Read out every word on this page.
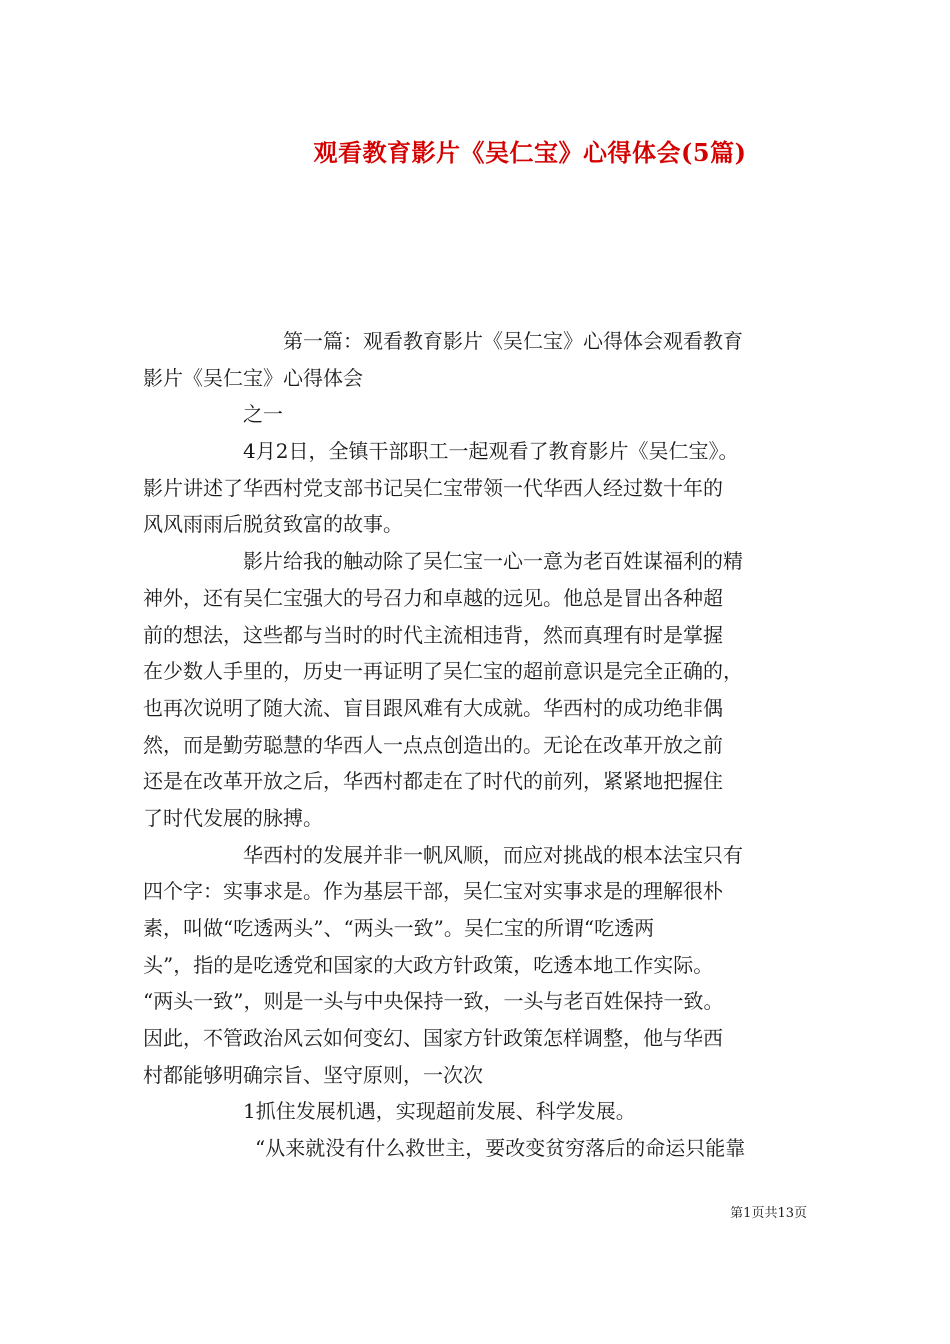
观看教育影片《吴仁宝》心得体会(5篇)
第一篇：观看教育影片《吴仁宝》心得体会观看教育
影片《吴仁宝》心得体会
之一
4月2日，全镇干部职工一起观看了教育影片《吴仁宝》。
影片讲述了华西村党支部书记吴仁宝带领一代华西人经过数十年的
风风雨雨后脱贫致富的故事。
影片给我的触动除了吴仁宝一心一意为老百姓谋福利的精
神外，还有吴仁宝强大的号召力和卓越的远见。他总是冒出各种超
前的想法，这些都与当时的时代主流相违背，然而真理有时是掌握
在少数人手里的，历史一再证明了吴仁宝的超前意识是完全正确的，
也再次说明了随大流、盲目跟风难有大成就。华西村的成功绝非偶
然，而是勤劳聪慧的华西人一点点创造出的。无论在改革开放之前
还是在改革开放之后，华西村都走在了时代的前列，紧紧地把握住
了时代发展的脉搏。
华西村的发展并非一帆风顺，而应对挑战的根本法宝只有
四个字：实事求是。作为基层干部，吴仁宝对实事求是的理解很朴
素，叫做“吃透两头”、“两头一致”。吴仁宝的所谓“吃透两
头”，指的是吃透党和国家的大政方针政策，吃透本地工作实际。
“两头一致”，则是一头与中央保持一致，一头与老百姓保持一致。
因此，不管政治风云如何变幻、国家方针政策怎样调整，他与华西
村都能够明确宗旨、坚守原则，一次次
1抓住发展机遇，实现超前发展、科学发展。
“从来就没有什么救世主，要改变贫穷落后的命运只能靠
第1页共13页
